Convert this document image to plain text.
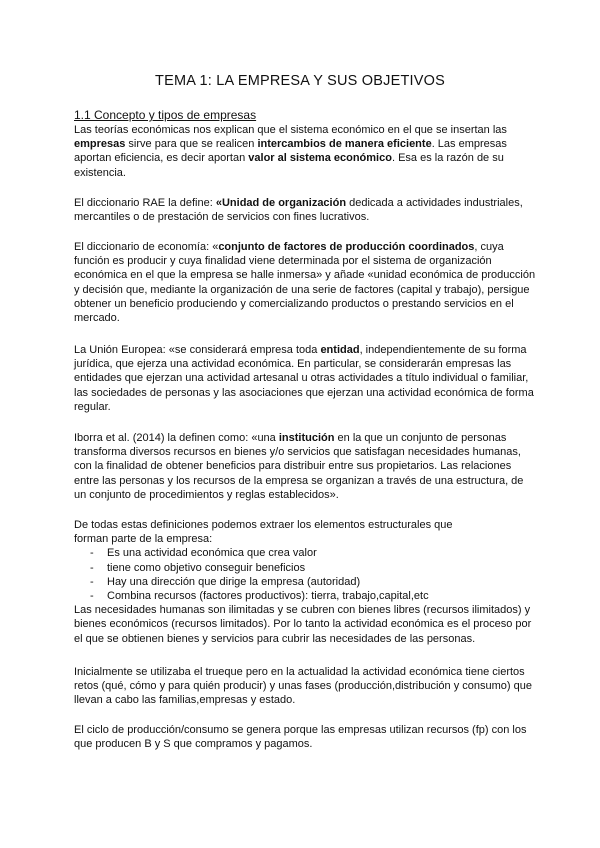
TEMA 1: LA EMPRESA Y SUS OBJETIVOS
1.1 Concepto y tipos de empresas

Las teorías económicas nos explican que el sistema económico en el que se insertan las empresas sirve para que se realicen intercambios de manera eficiente. Las empresas aportan eficiencia, es decir aportan valor al sistema económico. Esa es la razón de su existencia.

El diccionario RAE la define: «Unidad de organización dedicada a actividades industriales, mercantiles o de prestación de servicios con fines lucrativos.

El diccionario de economía: «conjunto de factores de producción coordinados, cuya función es producir y cuya finalidad viene determinada por el sistema de organización económica en el que la empresa se halle inmersa» y añade «unidad económica de producción y decisión que, mediante la organización de una serie de factores (capital y trabajo), persigue obtener un beneficio produciendo y comercializando productos o prestando servicios en el mercado.

La Unión Europea: «se considerará empresa toda entidad, independientemente de su forma jurídica, que ejerza una actividad económica. En particular, se considerarán empresas las entidades que ejerzan una actividad artesanal u otras actividades a título individual o familiar, las sociedades de personas y las asociaciones que ejerzan una actividad económica de forma regular.

Iborra et al. (2014) la definen como: «una institución en la que un conjunto de personas transforma diversos recursos en bienes y/o servicios que satisfagan necesidades humanas, con la finalidad de obtener beneficios para distribuir entre sus propietarios. Las relaciones entre las personas y los recursos de la empresa se organizan a través de una estructura, de un conjunto de procedimientos y reglas establecidos».

De todas estas definiciones podemos extraer los elementos estructurales que

forman parte de la empresa:

- Es una actividad económica que crea valor
- tiene como objetivo conseguir beneficios
- Hay una dirección que dirige la empresa (autoridad)
- Combina recursos (factores productivos): tierra, trabajo,capital,etc

Las necesidades humanas son ilimitadas y se cubren con bienes libres (recursos ilimitados) y bienes económicos (recursos limitados). Por lo tanto la actividad económica es el proceso por el que se obtienen bienes y servicios para cubrir las necesidades de las personas.

Inicialmente se utilizaba el trueque pero en la actualidad la actividad económica tiene ciertos retos (qué, cómo y para quién producir) y unas fases (producción,distribución y consumo) que llevan a cabo las familias,empresas y estado.

El ciclo de producción/consumo se genera porque las empresas utilizan recursos (fp) con los que producen B y S que compramos y pagamos.
